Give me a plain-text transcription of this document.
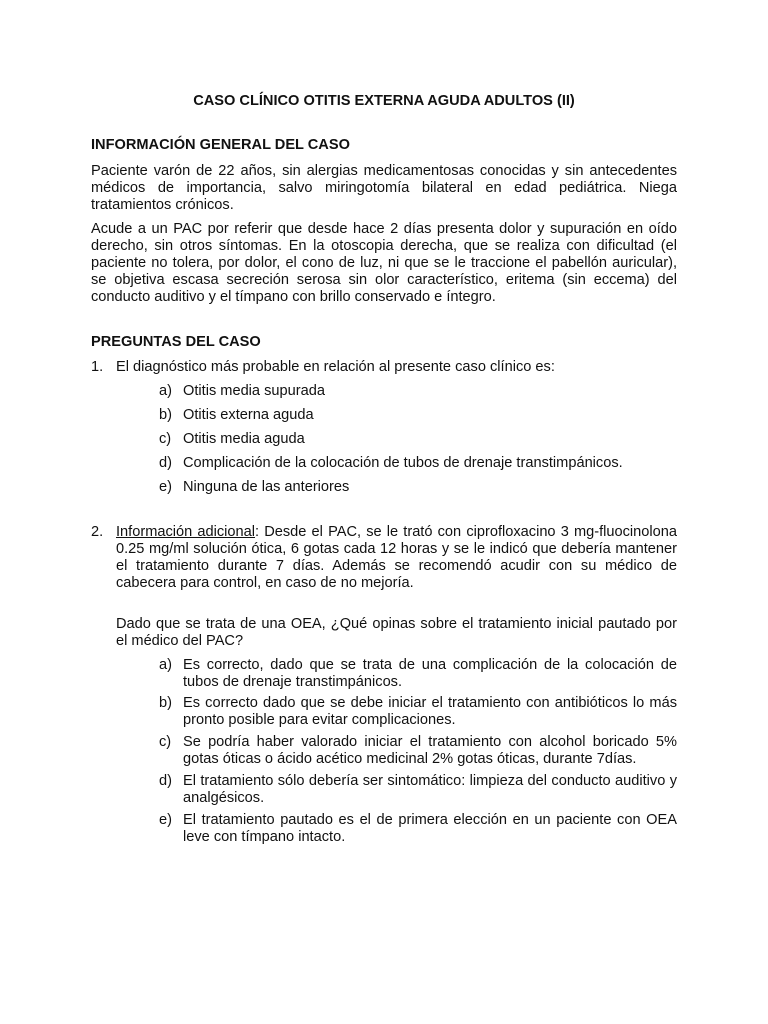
CASO CLÍNICO OTITIS EXTERNA AGUDA ADULTOS (II)

INFORMACIÓN GENERAL DEL CASO

Paciente varón de 22 años, sin alergias medicamentosas conocidas y sin antecedentes médicos de importancia, salvo miringotomía bilateral en edad pediátrica. Niega tratamientos crónicos.

Acude a un PAC por referir que desde hace 2 días presenta dolor y supuración en oído derecho, sin otros síntomas. En la otoscopia derecha, que se realiza con dificultad (el paciente no tolera, por dolor, el cono de luz, ni que se le traccione el pabellón auricular), se objetiva escasa secreción serosa sin olor característico, eritema (sin eccema) del conducto auditivo y el tímpano con brillo conservado e íntegro.

PREGUNTAS DEL CASO

1. El diagnóstico más probable en relación al presente caso clínico es:
a) Otitis media supurada
b) Otitis externa aguda
c) Otitis media aguda
d) Complicación de la colocación de tubos de drenaje transtimpánicos.
e) Ninguna de las anteriores
2. Información adicional: Desde el PAC, se le trató con ciprofloxacino 3 mg-fluocinolona 0.25 mg/ml solución ótica, 6 gotas cada 12 horas y se le indicó que debería mantener el tratamiento durante 7 días. Además se recomendó acudir con su médico de cabecera para control, en caso de no mejoría.
Dado que se trata de una OEA, ¿Qué opinas sobre el tratamiento inicial pautado por el médico del PAC?
a) Es correcto, dado que se trata de una complicación de la colocación de tubos de drenaje transtimpánicos.
b) Es correcto dado que se debe iniciar el tratamiento con antibióticos lo más pronto posible para evitar complicaciones.
c) Se podría haber valorado iniciar el tratamiento con alcohol boricado 5% gotas óticas o ácido acético medicinal 2% gotas óticas, durante 7días.
d) El tratamiento sólo debería ser sintomático: limpieza del conducto auditivo y analgésicos.
e) El tratamiento pautado es el de primera elección en un paciente con OEA leve con tímpano intacto.
